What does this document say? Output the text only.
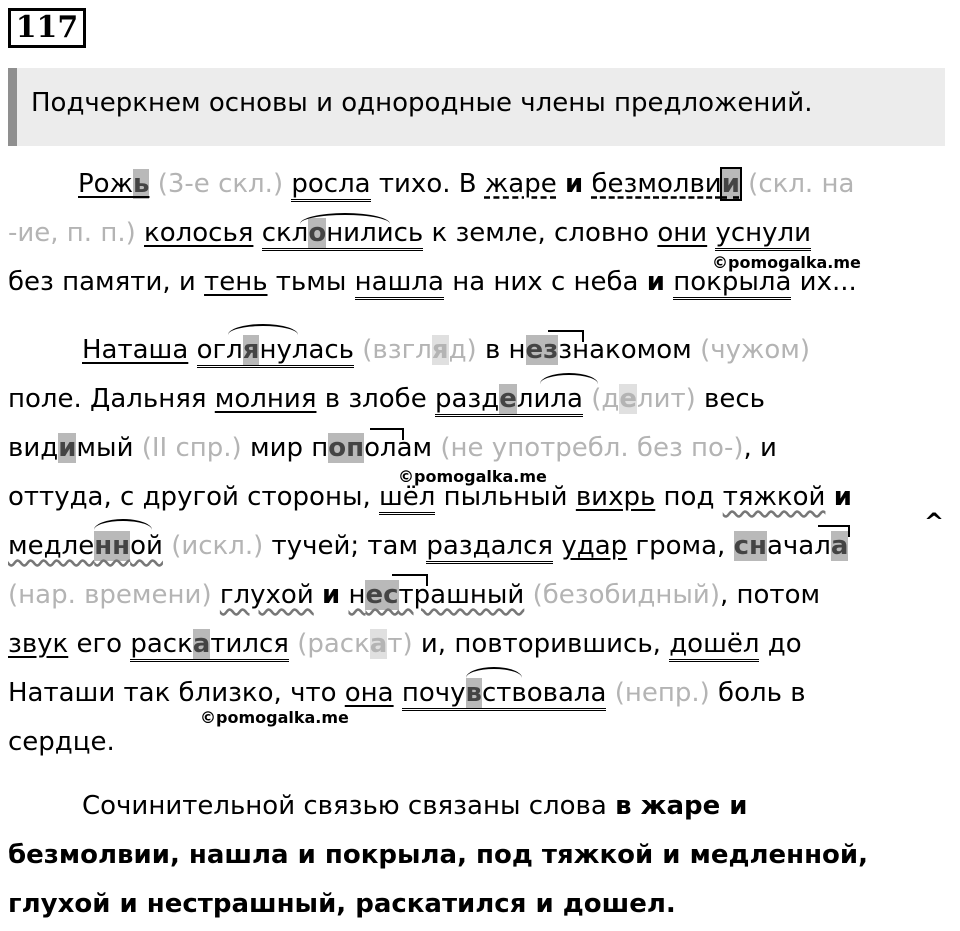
117
Подчеркнем основы и однородные члены предложений.
Рожь (3-е скл.) росла тихо. В жаре и безмолвии (скл. на
-ие, п. п.) колосья склонились к земле, словно они уснули
©pomogalka.me
без памяти, и тень тьмы нашла на них с неба и покрыла их...
Наташа оглянулась (взгляд) в неззнакомом (чужом)
поле. Дальняя молния в злобе разделила (делит) весь
видимый (II спр.) мир пополам (не употребл. без по-), и
©pomogalka.me
оттуда, с другой стороны, шёл пыльный вихрь под тяжкой и
^
медленной (искл.) тучей; там раздался удар грома, сначала
(нар. времени) глухой и нестрашный (безобидный), потом
звук его раскатился (раскат) и, повторившись, дошёл до
Наташи так близко, что она почувствовала (непр.) боль в
©pomogalka.me
сердце.
Сочинительной связью связаны слова в жаре и
безмолвии, нашла и покрыла, под тяжкой и медленной,
глухой и нестрашный, раскатился и дошел.
